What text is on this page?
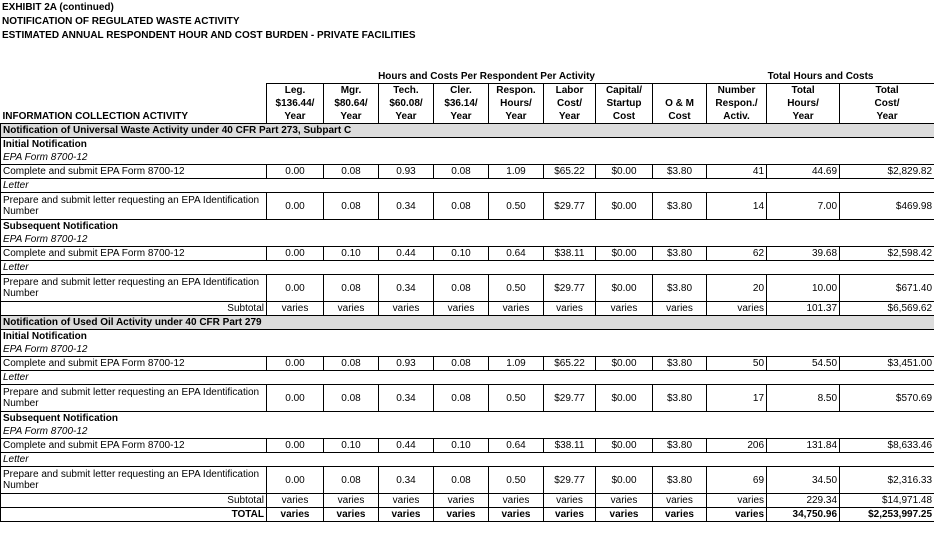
EXHIBIT 2A (continued)
NOTIFICATION OF REGULATED WASTE ACTIVITY
ESTIMATED ANNUAL RESPONDENT HOUR AND COST BURDEN - PRIVATE FACILITIES
	Hours and Costs Per Respondent Per Activity								Total Hours and Costs		
	Leg.	Mgr.	Tech.	Cler.	Respon.	Labor	Capital/		Number	Total	Total
	$136.44/	$80.64/	$60.08/	$36.14/	Hours/	Cost/	Startup	O & M	Respon./	Hours/	Cost/
INFORMATION COLLECTION ACTIVITY	Year	Year	Year	Year	Year	Year	Cost	Cost	Activ.	Year	Year
Notification of Universal Waste Activity under 40 CFR Part 273, Subpart C											
Initial Notification											
EPA Form 8700-12											
Complete and submit EPA Form 8700-12	0.00	0.08	0.93	0.08	1.09	$65.22	$0.00	$3.80	41	44.69	$2,829.82
Letter											
Prepare and submit letter requesting an EPA Identification Number	0.00	0.08	0.34	0.08	0.50	$29.77	$0.00	$3.80	14	7.00	$469.98
Subsequent Notification											
EPA Form 8700-12											
Complete and submit EPA Form 8700-12	0.00	0.10	0.44	0.10	0.64	$38.11	$0.00	$3.80	62	39.68	$2,598.42
Letter											
Prepare and submit letter requesting an EPA Identification Number	0.00	0.08	0.34	0.08	0.50	$29.77	$0.00	$3.80	20	10.00	$671.40
Subtotal	varies	varies	varies	varies	varies	varies	varies	varies	varies	101.37	$6,569.62
Notification of Used Oil Activity under 40 CFR Part 279											
Initial Notification											
EPA Form 8700-12											
Complete and submit EPA Form 8700-12	0.00	0.08	0.93	0.08	1.09	$65.22	$0.00	$3.80	50	54.50	$3,451.00
Letter											
Prepare and submit letter requesting an EPA Identification Number	0.00	0.08	0.34	0.08	0.50	$29.77	$0.00	$3.80	17	8.50	$570.69
Subsequent Notification											
EPA Form 8700-12											
Complete and submit EPA Form 8700-12	0.00	0.10	0.44	0.10	0.64	$38.11	$0.00	$3.80	206	131.84	$8,633.46
Letter											
Prepare and submit letter requesting an EPA Identification Number	0.00	0.08	0.34	0.08	0.50	$29.77	$0.00	$3.80	69	34.50	$2,316.33
Subtotal	varies	varies	varies	varies	varies	varies	varies	varies	varies	229.34	$14,971.48
TOTAL	varies	varies	varies	varies	varies	varies	varies	varies	varies	34,750.96	$2,253,997.25
